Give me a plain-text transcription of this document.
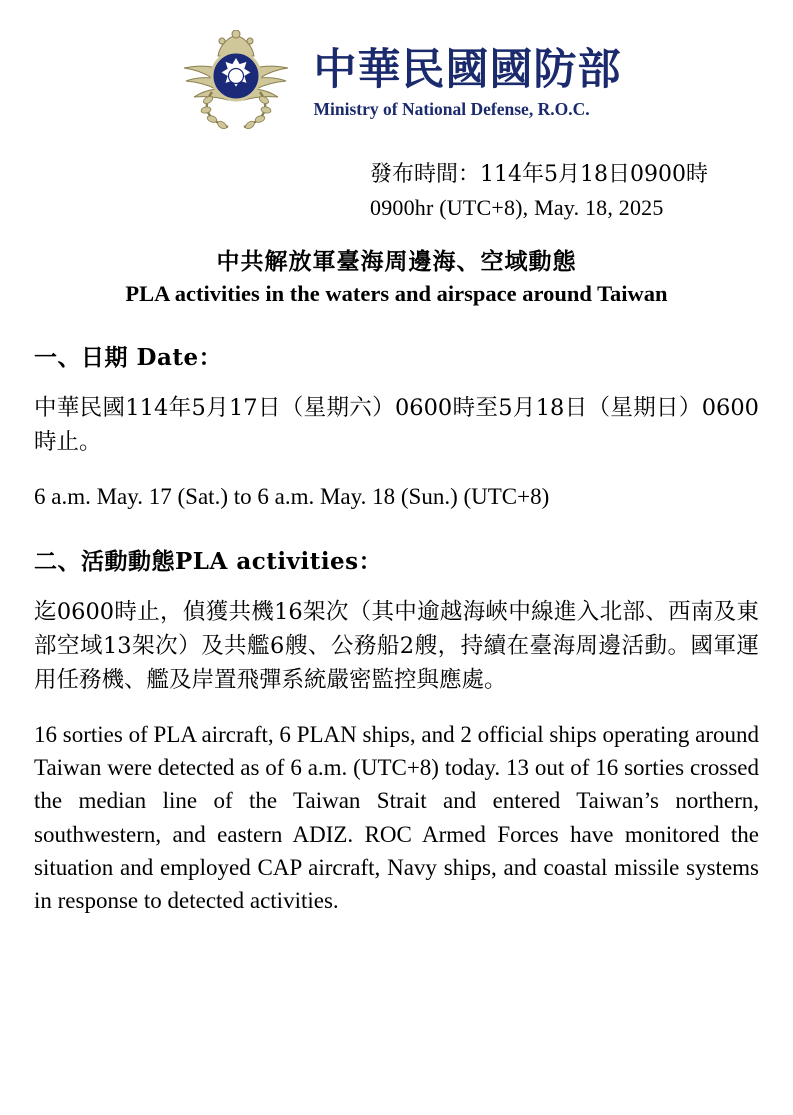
中華民國國防部
Ministry of National Defense, R.O.C.
發布時間：114年5月18日0900時
0900hr (UTC+8), May. 18, 2025
中共解放軍臺海周邊海、空域動態
PLA activities in the waters and airspace around Taiwan
一、日期 Date：
中華民國114年5月17日（星期六）0600時至5月18日（星期日）0600時止。
6 a.m. May. 17 (Sat.) to 6 a.m. May. 18 (Sun.) (UTC+8)
二、活動動態PLA activities：
迄0600時止，偵獲共機16架次（其中逾越海峽中線進入北部、西南及東部空域13架次）及共艦6艘、公務船2艘，持續在臺海周邊活動。國軍運用任務機、艦及岸置飛彈系統嚴密監控與應處。
16 sorties of PLA aircraft, 6 PLAN ships, and 2 official ships operating around Taiwan were detected as of 6 a.m. (UTC+8) today. 13 out of 16 sorties crossed the median line of the Taiwan Strait and entered Taiwan’s northern, southwestern, and eastern ADIZ. ROC Armed Forces have monitored the situation and employed CAP aircraft, Navy ships, and coastal missile systems in response to detected activities.
